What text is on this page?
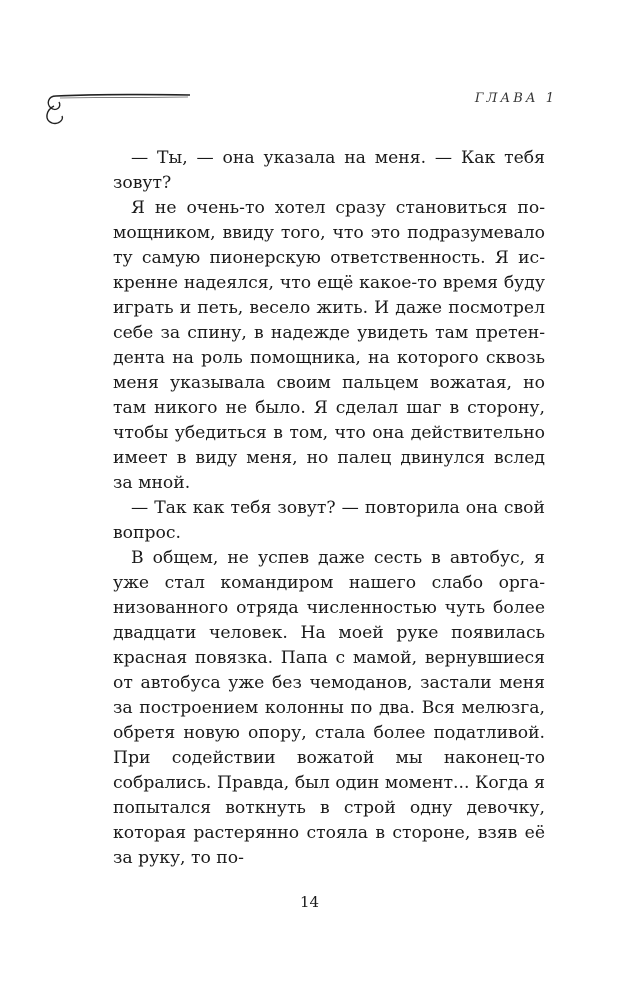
ГЛАВА 1

— Ты, — она указала на меня. — Как тебя зовут?

Я не очень-то хотел сразу становиться помощником, ввиду того, что это подразумевало ту самую пионерскую ответственность. Я искренне надеялся, что ещё какое-то время буду играть и петь, весело жить. И даже посмотрел себе за спину, в надежде увидеть там претендента на роль помощника, на которого сквозь меня указывала своим пальцем вожатая, но там никого не было. Я сделал шаг в сторону, чтобы убедиться в том, что она действительно имеет в виду меня, но палец двинулся вслед за мной.

— Так как тебя зовут? — повторила она свой вопрос.

В общем, не успев даже сесть в автобус, я уже стал командиром нашего слабо организованного отряда численностью чуть более двадцати человек. На моей руке появилась красная повязка. Папа с мамой, вернувшиеся от автобуса уже без чемоданов, застали меня за построением колонны по два. Вся мелюзга, обретя новую опору, стала более податливой. При содействии вожатой мы наконец-то собрались. Правда, был один момент... Когда я попытался воткнуть в строй одну девочку, которая растерянно стояла в стороне, взяв её за руку, то по-

14
